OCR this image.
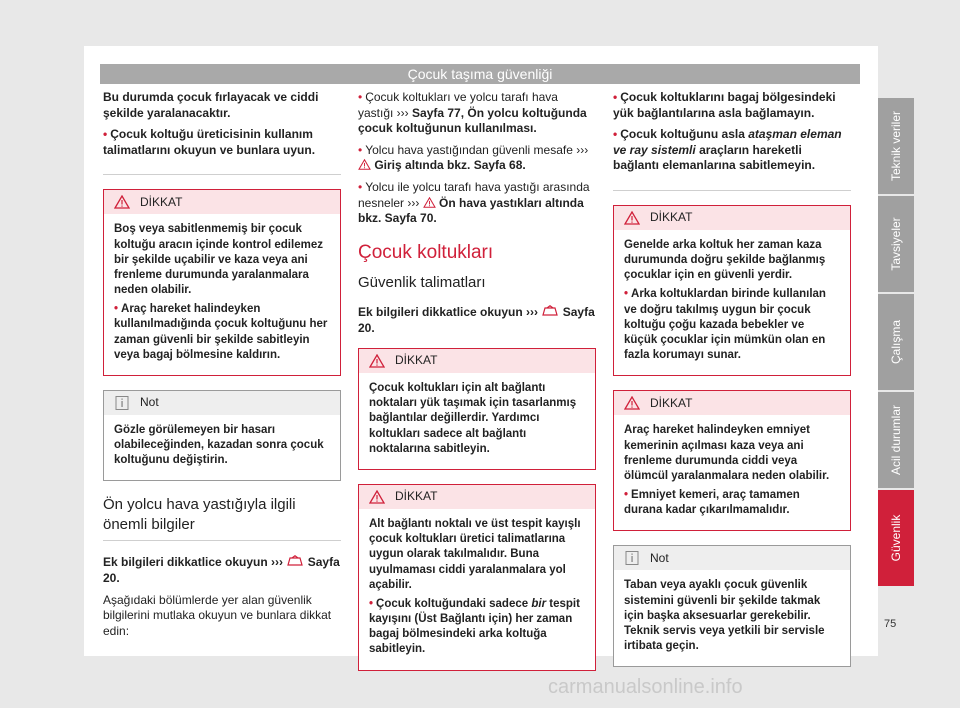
Çocuk taşıma güvenliği

Bu durumda çocuk fırlayacak ve ciddi şekilde yaralanacaktır.

• Çocuk koltuğu üreticisinin kullanım talimatlarını okuyun ve bunlara uyun.

DİKKAT

Boş veya sabitlenmemiş bir çocuk koltuğu aracın içinde kontrol edilemez bir şekilde uçabilir ve kaza veya ani frenleme durumunda yaralanmalara neden olabilir.

• Araç hareket halindeyken kullanılmadığında çocuk koltuğunu her zaman güvenli bir şekilde sabitleyin veya bagaj bölmesine kaldırın.

Not

Gözle görülemeyen bir hasarı olabileceğinden, kazadan sonra çocuk koltuğunu değiştirin.

Ön yolcu hava yastığıyla ilgili önemli bilgiler

Ek bilgileri dikkatlice okuyun ››› Sayfa 20.

Aşağıdaki bölümlerde yer alan güvenlik bilgilerini mutlaka okuyun ve bunlara dikkat edin:

• Çocuk koltukları ve yolcu tarafı hava yastığı ››› Sayfa 77, Ön yolcu koltuğunda çocuk koltuğunun kullanılması.

• Yolcu hava yastığından güvenli mesafe ›››  Giriş altında bkz. Sayfa 68.

• Yolcu ile yolcu tarafı hava yastığı arasında nesneler ››› Ön hava yastıkları altında bkz. Sayfa 70.

Çocuk koltukları
Güvenlik talimatları

Ek bilgileri dikkatlice okuyun ››› Sayfa 20.

DİKKAT

Çocuk koltukları için alt bağlantı noktaları yük taşımak için tasarlanmış bağlantılar değillerdir. Yardımcı koltukları sadece alt bağlantı noktalarına sabitleyin.

DİKKAT

Alt bağlantı noktalı ve üst tespit kayışlı çocuk koltukları üretici talimatlarına uygun olarak takılmalıdır. Buna uyulmaması ciddi yaralanmalara yol açabilir.

• Çocuk koltuğundaki sadece bir tespit kayışını (Üst Bağlantı için) her zaman bagaj bölmesindeki arka koltuğa sabitleyin.

• Çocuk koltuklarını bagaj bölgesindeki yük bağlantılarına asla bağlamayın.

• Çocuk koltuğunu asla ataşman eleman ve ray sistemli araçların hareketli bağlantı elemanlarına sabitlemeyin.

DİKKAT

Genelde arka koltuk her zaman kaza durumunda doğru şekilde bağlanmış çocuklar için en güvenli yerdir.

• Arka koltuklardan birinde kullanılan ve doğru takılmış uygun bir çocuk koltuğu çoğu kazada bebekler ve küçük çocuklar için mümkün olan en fazla korumayı sunar.

DİKKAT

Araç hareket halindeyken emniyet kemerinin açılması kaza veya ani frenleme durumunda ciddi veya ölümcül yaralanmalara neden olabilir.

• Emniyet kemeri, araç tamamen durana kadar çıkarılmamalıdır.

Not

Taban veya ayaklı çocuk güvenlik sistemini güvenli bir şekilde takmak için başka aksesuarlar gerekebilir. Teknik servis veya yetkili bir servisle irtibata geçin.

Teknik veriler
Tavsiyeler
Çalışma
Acil durumlar
Güvenlik
75
carmanualsonline.info
